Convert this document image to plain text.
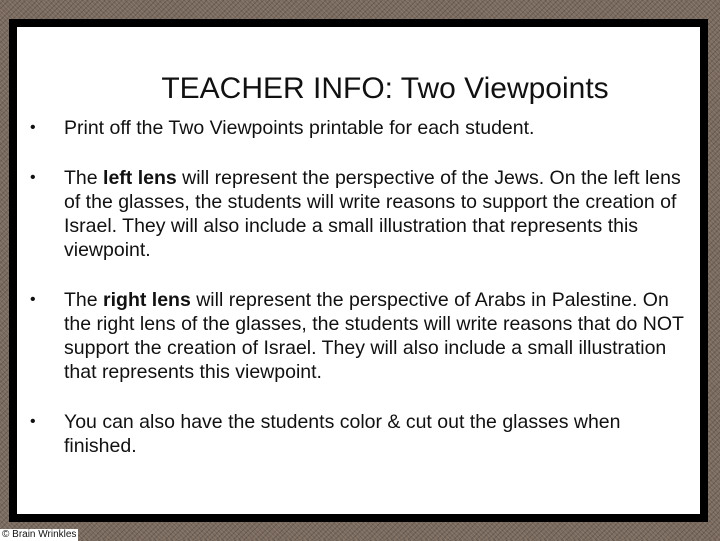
TEACHER INFO: Two Viewpoints
• Print off the Two Viewpoints printable for each student.
• The left lens will represent the perspective of the Jews. On the left lens of the glasses, the students will write reasons to support the creation of Israel. They will also include a small illustration that represents this viewpoint.
• The right lens will represent the perspective of Arabs in Palestine. On the right lens of the glasses, the students will write reasons that do NOT support the creation of Israel. They will also include a small illustration that represents this viewpoint.
• You can also have the students color & cut out the glasses when finished.
© Brain Wrinkles
